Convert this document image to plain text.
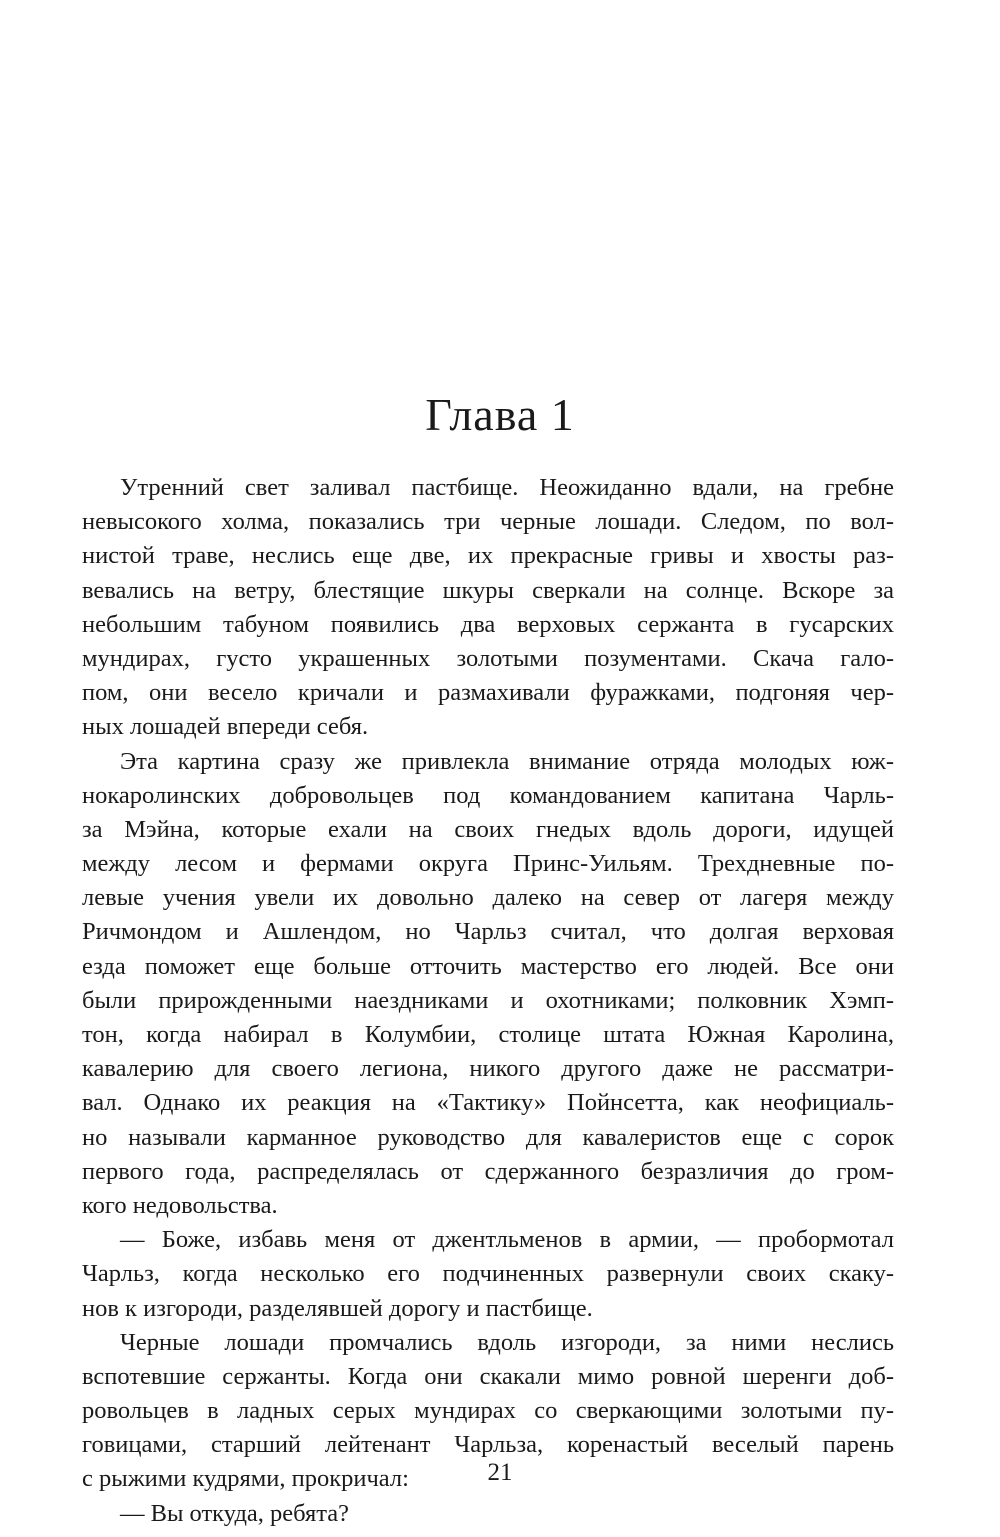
Глава 1
Утренний свет заливал пастбище. Неожиданно вдали, на гребне
невысокого холма, показались три черные лошади. Следом, по вол-
нистой траве, неслись еще две, их прекрасные гривы и хвосты раз-
вевались на ветру, блестящие шкуры сверкали на солнце. Вскоре за
небольшим табуном появились два верховых сержанта в гусарских
мундирах, густо украшенных золотыми позументами. Скача гало-
пом, они весело кричали и размахивали фуражками, подгоняя чер-
ных лошадей впереди себя.
Эта картина сразу же привлекла внимание отряда молодых юж-
нокаролинских добровольцев под командованием капитана Чарль-
за Мэйна, которые ехали на своих гнедых вдоль дороги, идущей
между лесом и фермами округа Принс-Уильям. Трехдневные по-
левые учения увели их довольно далеко на север от лагеря между
Ричмондом и Ашлендом, но Чарльз считал, что долгая верховая
езда поможет еще больше отточить мастерство его людей. Все они
были прирожденными наездниками и охотниками; полковник Хэмп-
тон, когда набирал в Колумбии, столице штата Южная Каролина,
кавалерию для своего легиона, никого другого даже не рассматри-
вал. Однако их реакция на «Тактику» Пойнсетта, как неофициаль-
но называли карманное руководство для кавалеристов еще с сорок
первого года, распределялась от сдержанного безразличия до гром-
кого недовольства.
— Боже, избавь меня от джентльменов в армии, — пробормотал
Чарльз, когда несколько его подчиненных развернули своих скаку-
нов к изгороди, разделявшей дорогу и пастбище.
Черные лошади промчались вдоль изгороди, за ними неслись
вспотевшие сержанты. Когда они скакали мимо ровной шеренги доб-
ровольцев в ладных серых мундирах со сверкающими золотыми пу-
говицами, старший лейтенант Чарльза, коренастый веселый парень
с рыжими кудрями, прокричал:
— Вы откуда, ребята?
21
